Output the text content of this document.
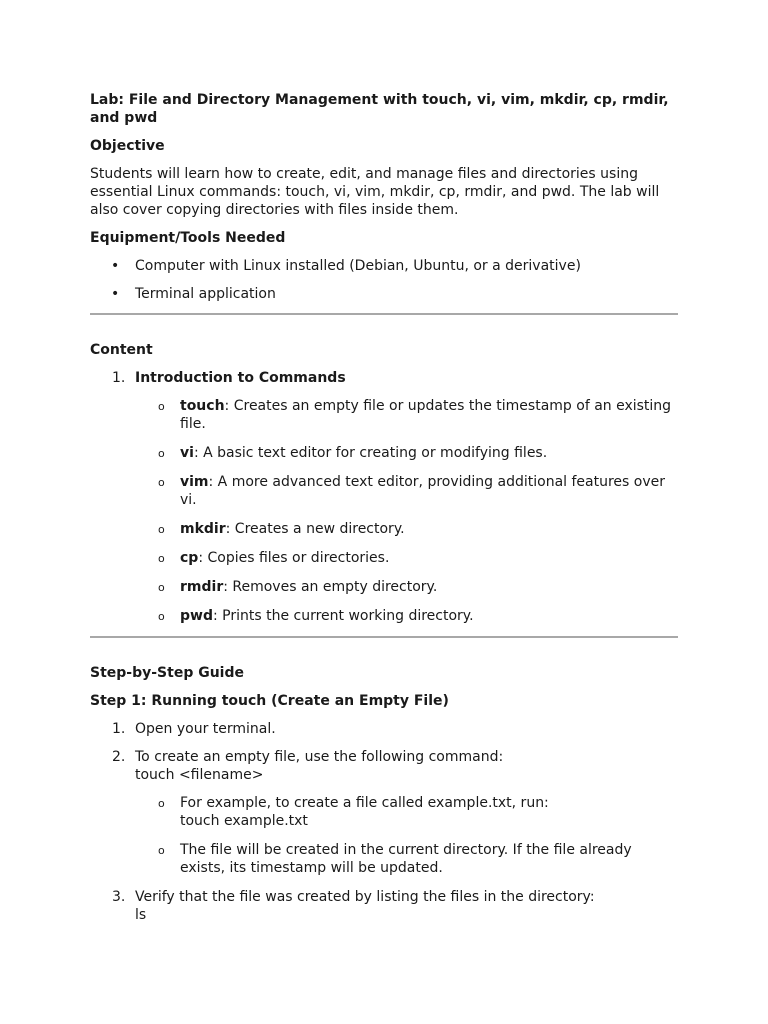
Lab: File and Directory Management with touch, vi, vim, mkdir, cp, rmdir, and pwd
Objective
Students will learn how to create, edit, and manage files and directories using essential Linux commands: touch, vi, vim, mkdir, cp, rmdir, and pwd. The lab will also cover copying directories with files inside them.
Equipment/Tools Needed
• Computer with Linux installed (Debian, Ubuntu, or a derivative)
• Terminal application
Content
1. Introduction to Commands
o touch: Creates an empty file or updates the timestamp of an existing file.
o vi: A basic text editor for creating or modifying files.
o vim: A more advanced text editor, providing additional features over vi.
o mkdir: Creates a new directory.
o cp: Copies files or directories.
o rmdir: Removes an empty directory.
o pwd: Prints the current working directory.
Step-by-Step Guide
Step 1: Running touch (Create an Empty File)
1. Open your terminal.
2. To create an empty file, use the following command:
touch <filename>
o For example, to create a file called example.txt, run:
touch example.txt
o The file will be created in the current directory. If the file already exists, its timestamp will be updated.
3. Verify that the file was created by listing the files in the directory:
ls
